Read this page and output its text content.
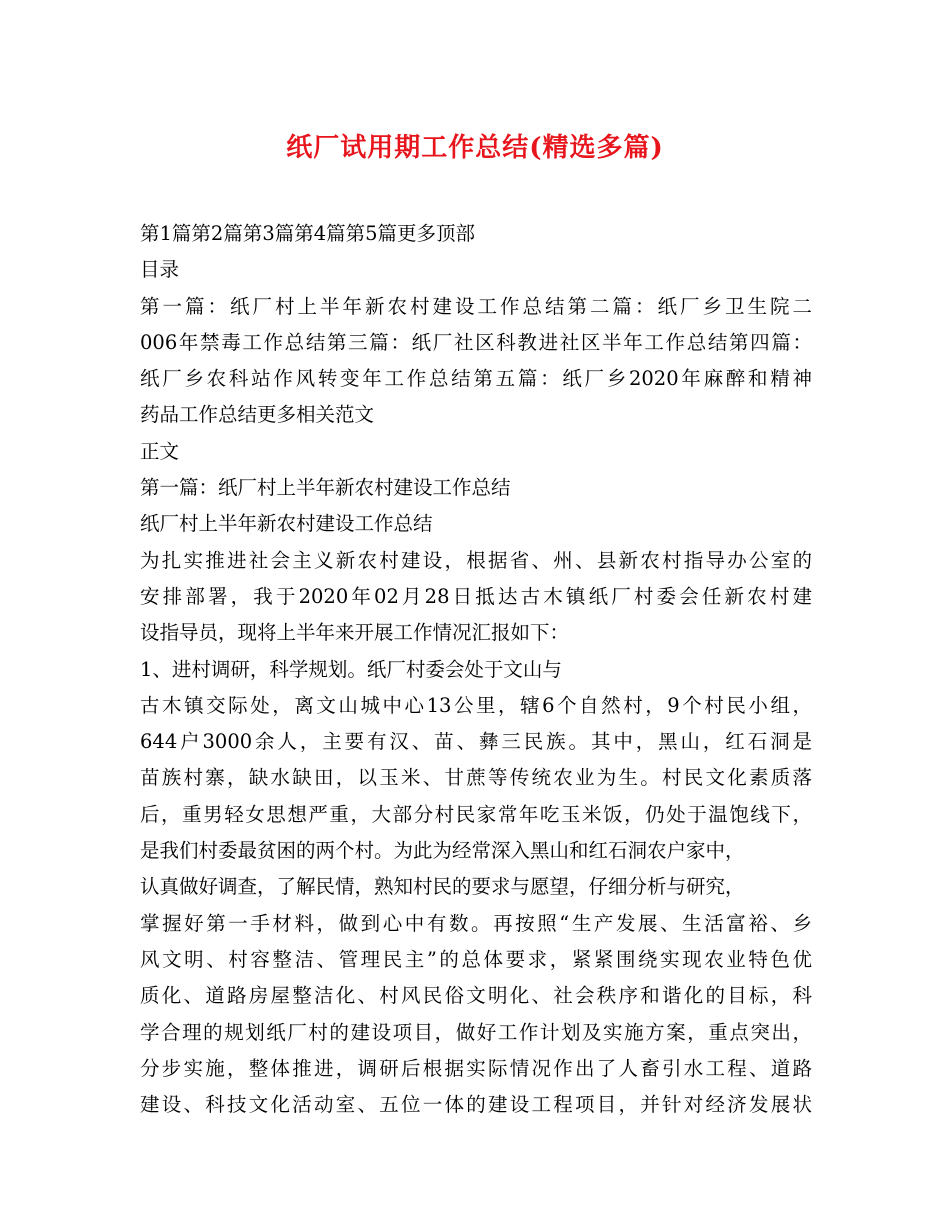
纸厂试用期工作总结(精选多篇)
第1篇第2篇第3篇第4篇第5篇更多顶部
目录
第一篇：纸厂村上半年新农村建设工作总结第二篇：纸厂乡卫生院二
006年禁毒工作总结第三篇：纸厂社区科教进社区半年工作总结第四篇：
纸厂乡农科站作风转变年工作总结第五篇：纸厂乡2020年麻醉和精神
药品工作总结更多相关范文
正文
第一篇：纸厂村上半年新农村建设工作总结
纸厂村上半年新农村建设工作总结
为扎实推进社会主义新农村建设，根据省、州、县新农村指导办公室的
安排部署，我于2020年02月28日抵达古木镇纸厂村委会任新农村建
设指导员，现将上半年来开展工作情况汇报如下：
1、进村调研，科学规划。纸厂村委会处于文山与
古木镇交际处，离文山城中心13公里，辖6个自然村，9个村民小组，
644户3000余人，主要有汉、苗、彝三民族。其中，黑山，红石洞是
苗族村寨，缺水缺田，以玉米、甘蔗等传统农业为生。村民文化素质落
后，重男轻女思想严重，大部分村民家常年吃玉米饭，仍处于温饱线下，
是我们村委最贫困的两个村。为此为经常深入黑山和红石洞农户家中，
认真做好调查，了解民情，熟知村民的要求与愿望，仔细分析与研究，
掌握好第一手材料，做到心中有数。再按照“生产发展、生活富裕、乡
风文明、村容整洁、管理民主”的总体要求，紧紧围绕实现农业特色优
质化、道路房屋整洁化、村风民俗文明化、社会秩序和谐化的目标，科
学合理的规划纸厂村的建设项目，做好工作计划及实施方案，重点突出，
分步实施，整体推进，调研后根据实际情况作出了人畜引水工程、道路
建设、科技文化活动室、五位一体的建设工程项目，并针对经济发展状
